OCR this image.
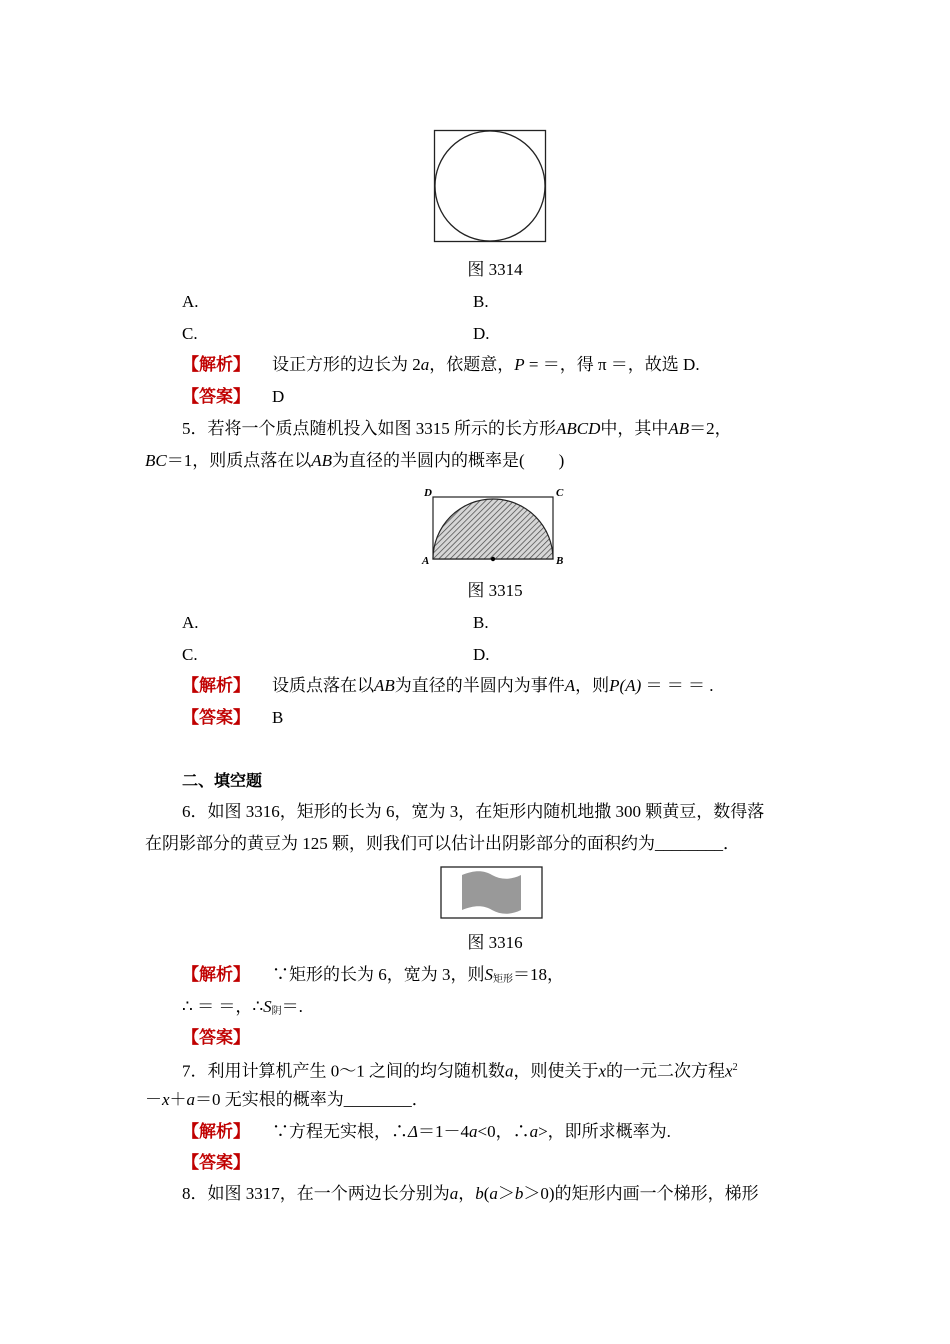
图 3314
A.	B.
C.	D.
【解析】 设正方形的边长为 2a，依题意，P = ＝，得 π ＝，故选 D.
【答案】 D
5．若将一个质点随机投入如图 3315 所示的长方形ABCD中，其中AB＝2，
BC＝1，则质点落在以AB为直径的半圆内的概率是(　　)
D	C
A	B
图 3315
A.	B.
C.	D.
【解析】 设质点落在以AB为直径的半圆内为事件A，则P(A) ＝ ＝ ＝ .
【答案】 B
二、填空题
6．如图 3316，矩形的长为 6，宽为 3，在矩形内随机地撒 300 颗黄豆，数得落
在阴影部分的黄豆为 125 颗，则我们可以估计出阴影部分的面积约为________．
图 3316
【解析】 ∵矩形的长为 6，宽为 3，则$S_{矩形}=18$，
∴ ＝ ＝，$\therefore S_阴=$.
【答案】
7．利用计算机产生 0～1 之间的均匀随机数a，则使关于x的一元二次方程$x^2$
－x＋a＝0 无实根的概率为________．
【解析】 ∵方程无实根，∴Δ＝1－4a<0，∴a>，即所求概率为.
【答案】
8．如图 3317，在一个两边长分别为a，b(a＞b＞0)的矩形内画一个梯形，梯形
